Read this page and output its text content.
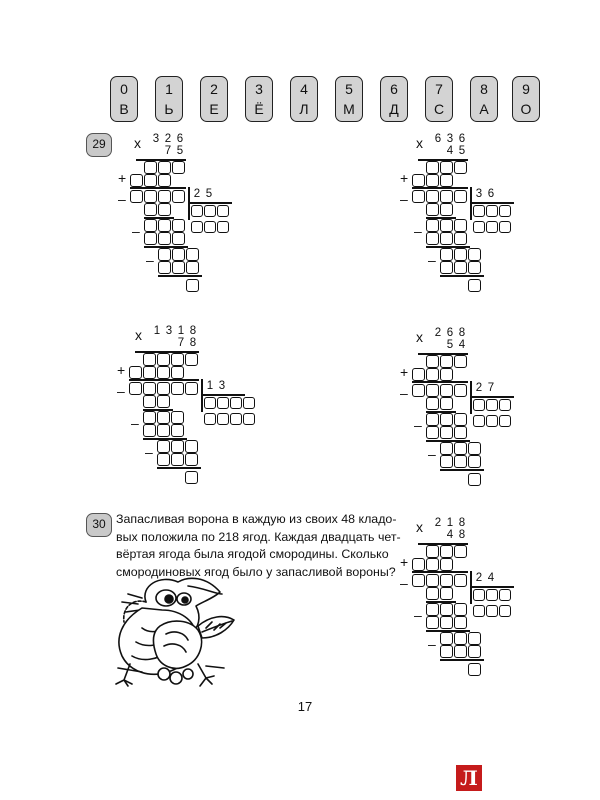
0
В
1
Ь
2
Е
3
Ё
4
Л
5
М
6
Д
7
С
8
А
9
О
29
30
x 3 2 6
7 5
+
–	2 5
–
–
x 6 3 6
4 5
+
–	3 6
–
–
x 1 3 1 8
7 8
+
–	1 3
–
–
x 2 6 8
5 4
+
–	2 7
–
–
x 2 1 8
4 8
+
–	2 4
–
–
Запасливая ворона в каждую из своих 48 кладо-
вых положила по 218 ягод. Каждая двадцать чет-
вёртая ягода была ягодой смородины. Сколько
смородиновых ягод было у запасливой вороны?
17
Л
